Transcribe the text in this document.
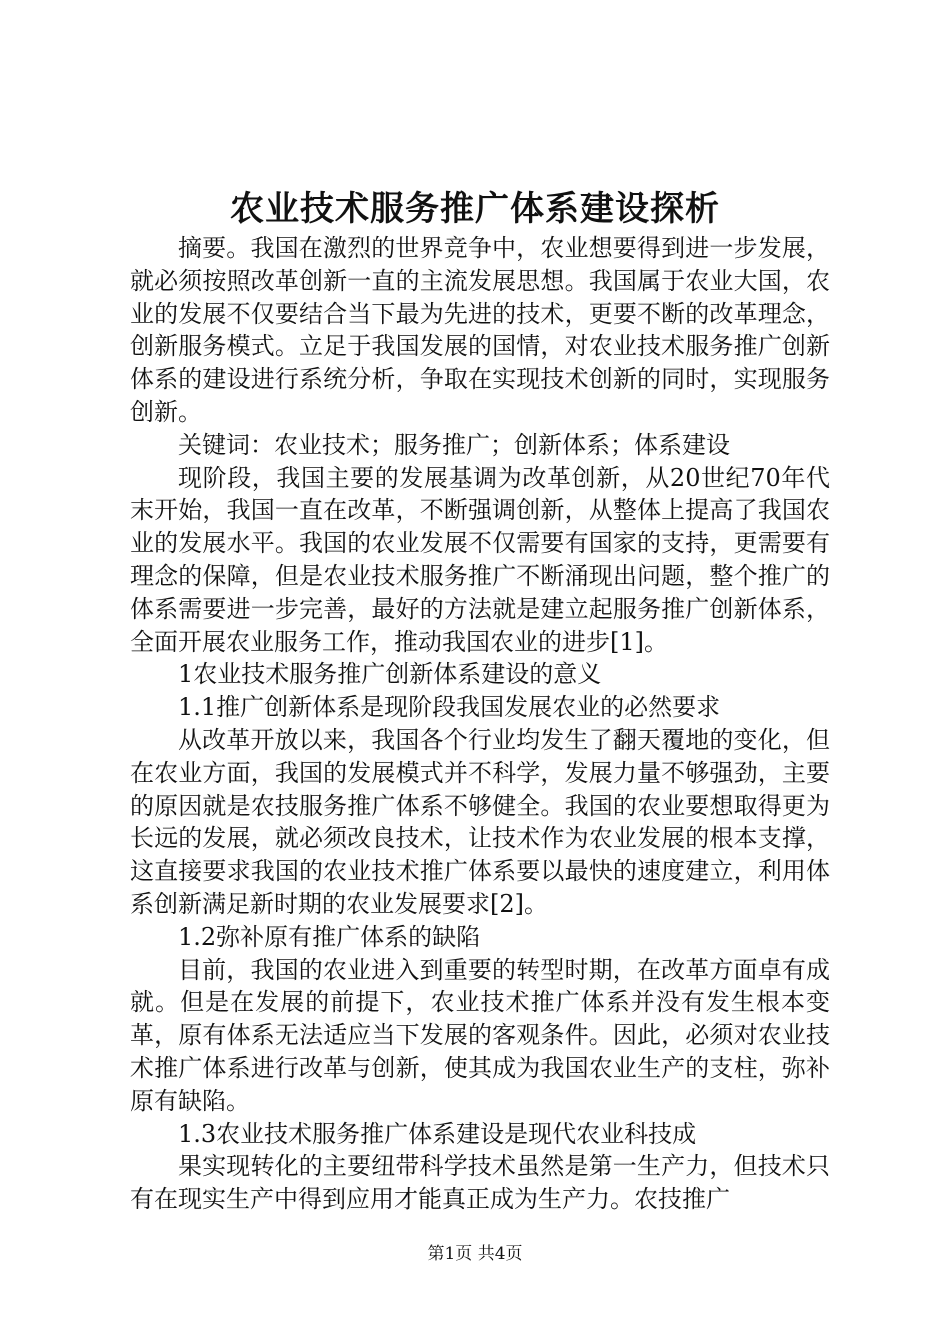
农业技术服务推广体系建设探析

摘要。我国在激烈的世界竞争中，农业想要得到进一步发展，就必须按照改革创新一直的主流发展思想。我国属于农业大国，农业的发展不仅要结合当下最为先进的技术，更要不断的改革理念，创新服务模式。立足于我国发展的国情，对农业技术服务推广创新体系的建设进行系统分析，争取在实现技术创新的同时，实现服务创新。

关键词：农业技术；服务推广；创新体系；体系建设

现阶段，我国主要的发展基调为改革创新，从20世纪70年代末开始，我国一直在改革，不断强调创新，从整体上提高了我国农业的发展水平。我国的农业发展不仅需要有国家的支持，更需要有理念的保障，但是农业技术服务推广不断涌现出问题，整个推广的体系需要进一步完善，最好的方法就是建立起服务推广创新体系，全面开展农业服务工作，推动我国农业的进步[1]。

1农业技术服务推广创新体系建设的意义

1.1推广创新体系是现阶段我国发展农业的必然要求

从改革开放以来，我国各个行业均发生了翻天覆地的变化，但在农业方面，我国的发展模式并不科学，发展力量不够强劲，主要的原因就是农技服务推广体系不够健全。我国的农业要想取得更为长远的发展，就必须改良技术，让技术作为农业发展的根本支撑，这直接要求我国的农业技术推广体系要以最快的速度建立，利用体系创新满足新时期的农业发展要求[2]。

1.2弥补原有推广体系的缺陷

目前，我国的农业进入到重要的转型时期，在改革方面卓有成就。但是在发展的前提下，农业技术推广体系并没有发生根本变革，原有体系无法适应当下发展的客观条件。因此，必须对农业技术推广体系进行改革与创新，使其成为我国农业生产的支柱，弥补原有缺陷。

1.3农业技术服务推广体系建设是现代农业科技成

果实现转化的主要纽带科学技术虽然是第一生产力，但技术只有在现实生产中得到应用才能真正成为生产力。农技推广

第1页 共4页
